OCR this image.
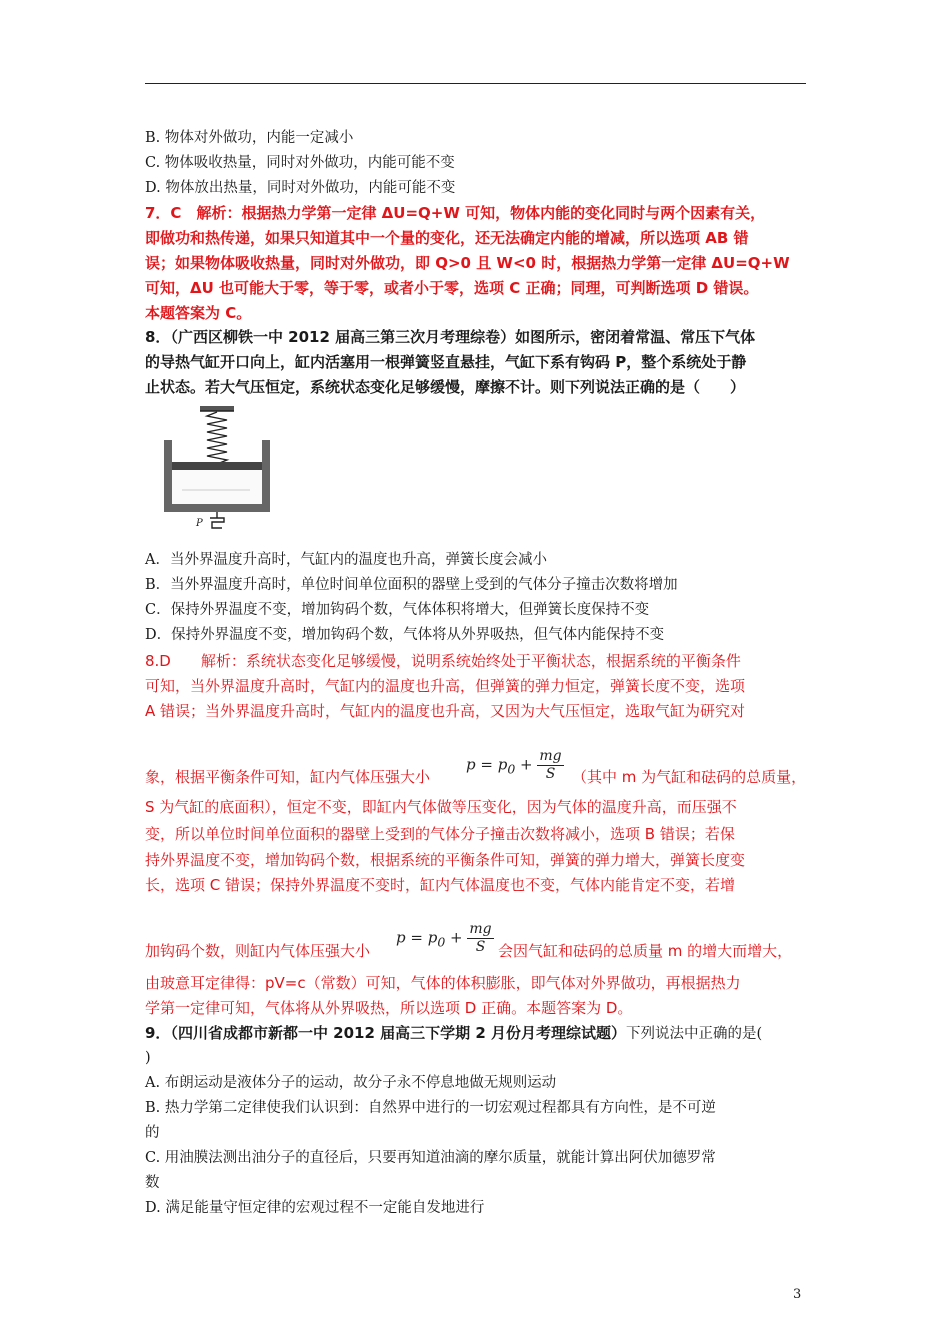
B. 物体对外做功，内能一定减小
C. 物体吸收热量，同时对外做功，内能可能不变
D. 物体放出热量，同时对外做功，内能可能不变
7．C　解析：根据热力学第一定律 ΔU=Q+W 可知，物体内能的变化同时与两个因素有关，
即做功和热传递，如果只知道其中一个量的变化，还无法确定内能的增减，所以选项 AB 错
误；如果物体吸收热量，同时对外做功，即 Q>0 且 W<0 时，根据热力学第一定律 ΔU=Q+W
可知，ΔU 也可能大于零，等于零，或者小于零，选项 C 正确；同理，可判断选项 D 错误。
本题答案为 C。
8．（广西区柳铁一中 2012 届高三第三次月考理综卷）如图所示，密闭着常温、常压下气体
的导热气缸开口向上，缸内活塞用一根弹簧竖直悬挂，气缸下系有钩码 P，整个系统处于静
止状态。若大气压恒定，系统状态变化足够缓慢，摩擦不计。则下列说法正确的是（　　）
P
A．当外界温度升高时，气缸内的温度也升高，弹簧长度会减小
B．当外界温度升高时，单位时间单位面积的器壁上受到的气体分子撞击次数将增加
C．保持外界温度不变，增加钩码个数，气体体积将增大，但弹簧长度保持不变
D．保持外界温度不变，增加钩码个数，气体将从外界吸热，但气体内能保持不变
8.D　　解析：系统状态变化足够缓慢，说明系统始终处于平衡状态，根据系统的平衡条件
可知，当外界温度升高时，气缸内的温度也升高，但弹簧的弹力恒定，弹簧长度不变，选项
A 错误；当外界温度升高时，气缸内的温度也升高，又因为大气压恒定，选取气缸为研究对
象，根据平衡条件可知，缸内气体压强大小
$p = p_0 + \frac{mg}{S}$ （其中 m 为气缸和砝码的总质量，
S 为气缸的底面积），恒定不变，即缸内气体做等压变化，因为气体的温度升高，而压强不
变，所以单位时间单位面积的器壁上受到的气体分子撞击次数将减小，选项 B 错误；若保
持外界温度不变，增加钩码个数，根据系统的平衡条件可知，弹簧的弹力增大，弹簧长度变
长，选项 C 错误；保持外界温度不变时，缸内气体温度也不变，气体内能肯定不变，若增
加钩码个数，则缸内气体压强大小
$p = p_0 + \frac{mg}{S}$ 会因气缸和砝码的总质量 m 的增大而增大，
由玻意耳定律得：pV=c（常数）可知，气体的体积膨胀，即气体对外界做功，再根据热力
学第一定律可知，气体将从外界吸热，所以选项 D 正确。本题答案为 D。
9．（四川省成都市新都一中 2012 届高三下学期 2 月份月考理综试题）下列说法中正确的是(
)
A. 布朗运动是液体分子的运动，故分子永不停息地做无规则运动
B. 热力学第二定律使我们认识到：自然界中进行的一切宏观过程都具有方向性，是不可逆
的
C. 用油膜法测出油分子的直径后，只要再知道油滴的摩尔质量，就能计算出阿伏加德罗常
数
D. 满足能量守恒定律的宏观过程不一定能自发地进行
3
